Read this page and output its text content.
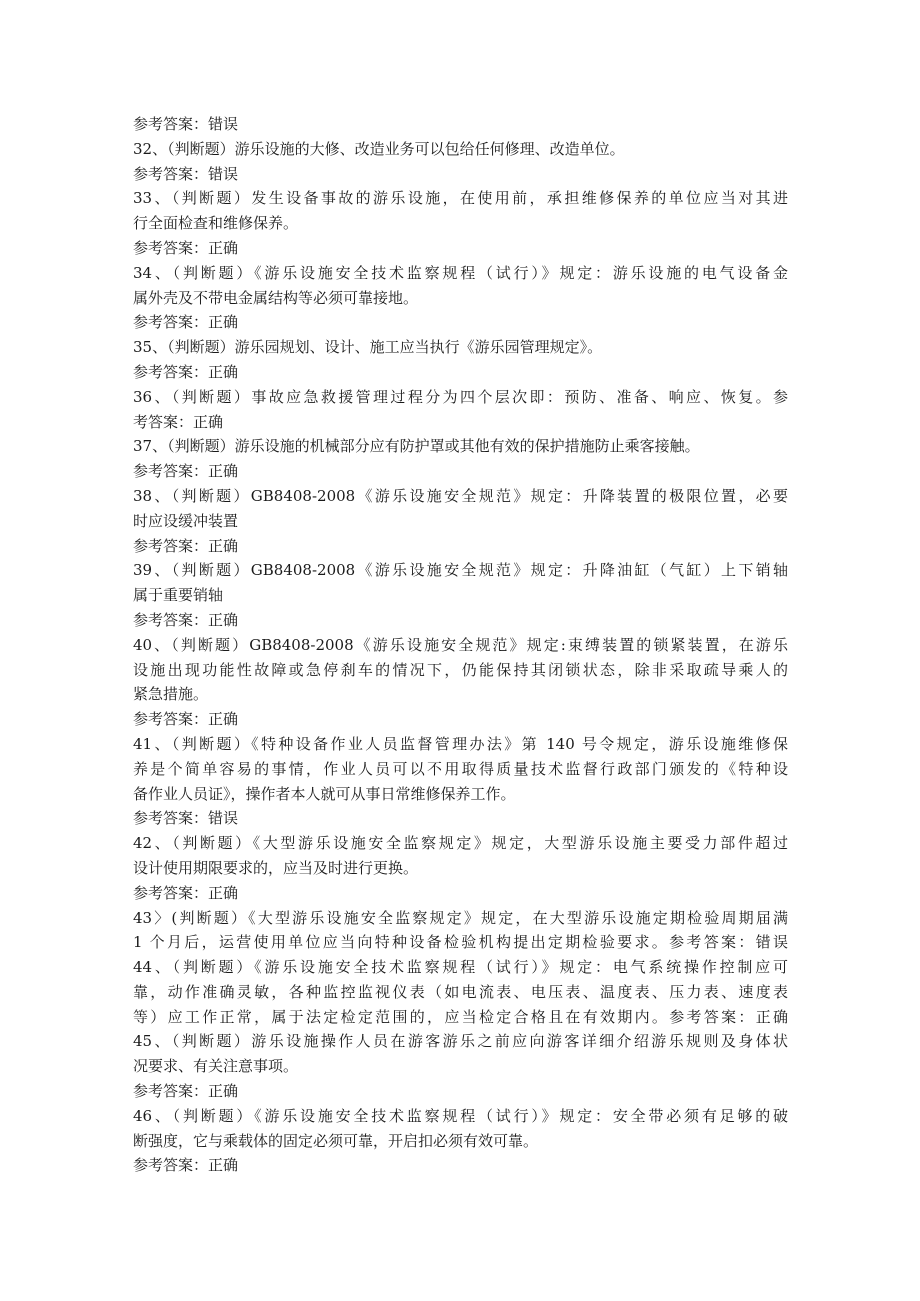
参考答案：错误
32、（判断题）游乐设施的大修、改造业务可以包给任何修理、改造单位。
参考答案：错误
33、（判断题）发生设备事故的游乐设施，在使用前，承担维修保养的单位应当对其进
行全面检查和维修保养。
参考答案：正确
34、（判断题）《游乐设施安全技术监察规程（试行）》规定：游乐设施的电气设备金
属外壳及不带电金属结构等必须可靠接地。
参考答案：正确
35、（判断题）游乐园规划、设计、施工应当执行《游乐园管理规定》。
参考答案：正确
36、（判断题）事故应急救援管理过程分为四个层次即：预防、准备、响应、恢复。参
考答案：正确
37、（判断题）游乐设施的机械部分应有防护罩或其他有效的保护措施防止乘客接触。
参考答案：正确
38、（判断题）GB8408-2008《游乐设施安全规范》规定：升降装置的极限位置，必要
时应设缓冲装置
参考答案：正确
39、（判断题）GB8408-2008《游乐设施安全规范》规定：升降油缸（气缸）上下销轴
属于重要销轴
参考答案：正确
40、（判断题）GB8408-2008《游乐设施安全规范》规定:束缚装置的锁紧装置，在游乐
设施出现功能性故障或急停刹车的情况下，仍能保持其闭锁状态，除非采取疏导乘人的
紧急措施。
参考答案：正确
41、（判断题）《特种设备作业人员监督管理办法》第 140 号令规定，游乐设施维修保
养是个简单容易的事情，作业人员可以不用取得质量技术监督行政部门颁发的《特种设
备作业人员证》，操作者本人就可从事日常维修保养工作。
参考答案：错误
42、（判断题）《大型游乐设施安全监察规定》规定，大型游乐设施主要受力部件超过
设计使用期限要求的，应当及时进行更换。
参考答案：正确
43〉(判断题）《大型游乐设施安全监察规定》规定，在大型游乐设施定期检验周期届满
1 个月后，运营使用单位应当向特种设备检验机构提出定期检验要求。参考答案：错误
44、（判断题）《游乐设施安全技术监察规程（试行）》规定：电气系统操作控制应可
靠，动作准确灵敏，各种监控监视仪表（如电流表、电压表、温度表、压力表、速度表
等）应工作正常，属于法定检定范围的，应当检定合格且在有效期内。参考答案：正确
45、（判断题）游乐设施操作人员在游客游乐之前应向游客详细介绍游乐规则及身体状
况要求、有关注意事项。
参考答案：正确
46、（判断题）《游乐设施安全技术监察规程（试行）》规定：安全带必须有足够的破
断强度，它与乘载体的固定必须可靠，开启扣必须有效可靠。
参考答案：正确
